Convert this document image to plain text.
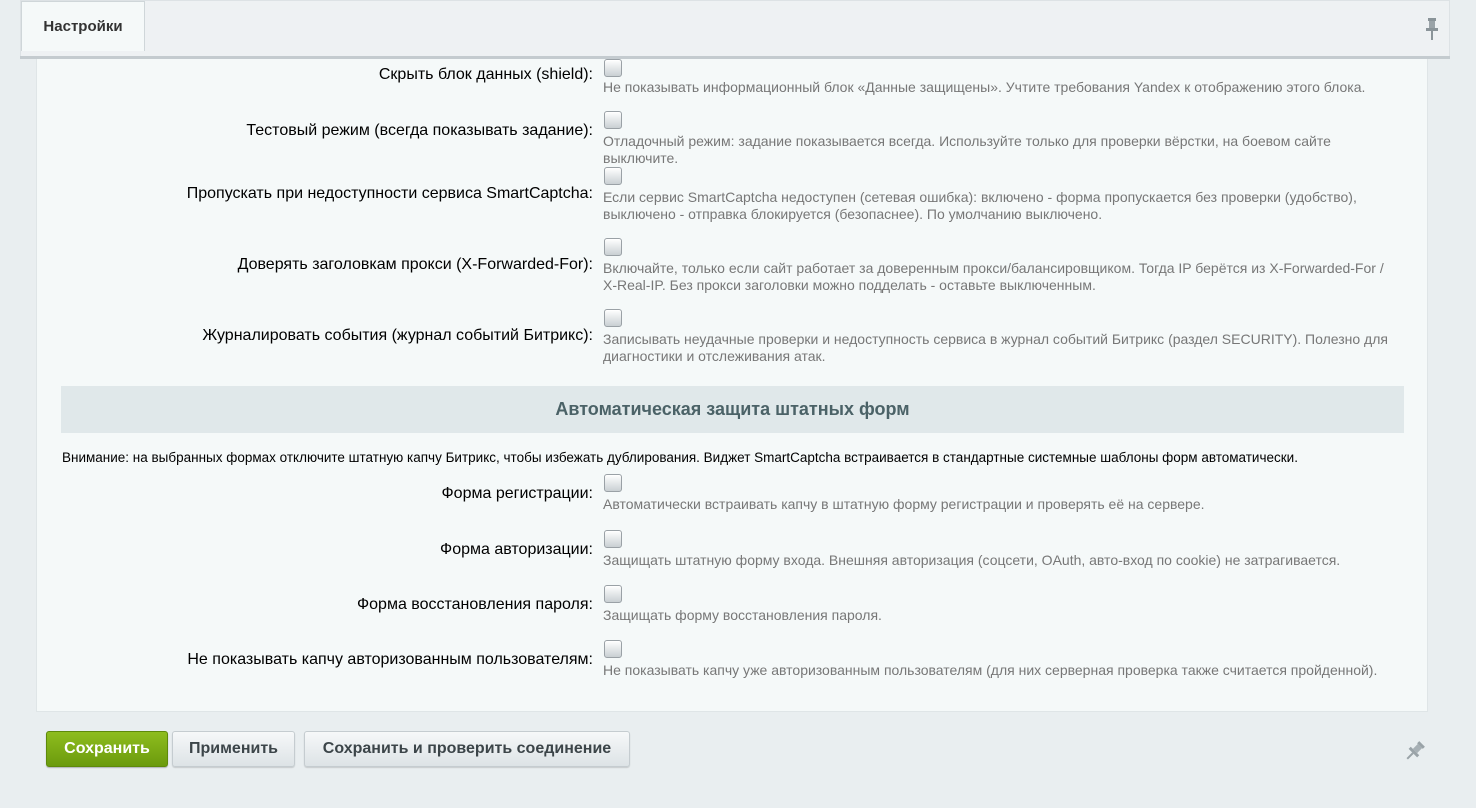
Настройки
Скрыть блок данных (shield):
Не показывать информационный блок «Данные защищены». Учтите требования Yandex к отображению этого блока.
Тестовый режим (всегда показывать задание):
Отладочный режим: задание показывается всегда. Используйте только для проверки вёрстки, на боевом сайте выключите.
Пропускать при недоступности сервиса SmartCaptcha: Если сервис SmartCaptcha недоступен (сетевая ошибка): включено - форма пропускается без проверки (удобство), выключено - отправка блокируется (безопаснее). По умолчанию выключено.
Доверять заголовкам прокси (X-Forwarded-For): Включайте, только если сайт работает за доверенным прокси/балансировщиком. Тогда IP берётся из X-Forwarded-For / X-Real-IP. Без прокси заголовки можно подделать - оставьте выключенным.
Журналировать события (журнал событий Битрикс): Записывать неудачные проверки и недоступность сервиса в журнал событий Битрикс (раздел SECURITY). Полезно для диагностики и отслеживания атак.
Автоматическая защита штатных форм
Внимание: на выбранных формах отключите штатную капчу Битрикс, чтобы избежать дублирования. Виджет SmartCaptcha встраивается в стандартные системные шаблоны форм автоматически.
Форма регистрации:
Автоматически встраивать капчу в штатную форму регистрации и проверять её на сервере.
Форма авторизации:
Защищать штатную форму входа. Внешняя авторизация (соцсети, OAuth, авто-вход по cookie) не затрагивается.
Форма восстановления пароля:
Защищать форму восстановления пароля.
Не показывать капчу авторизованным пользователям:
Не показывать капчу уже авторизованным пользователям (для них серверная проверка также считается пройденной).
Сохранить	Применить	Сохранить и проверить соединение
